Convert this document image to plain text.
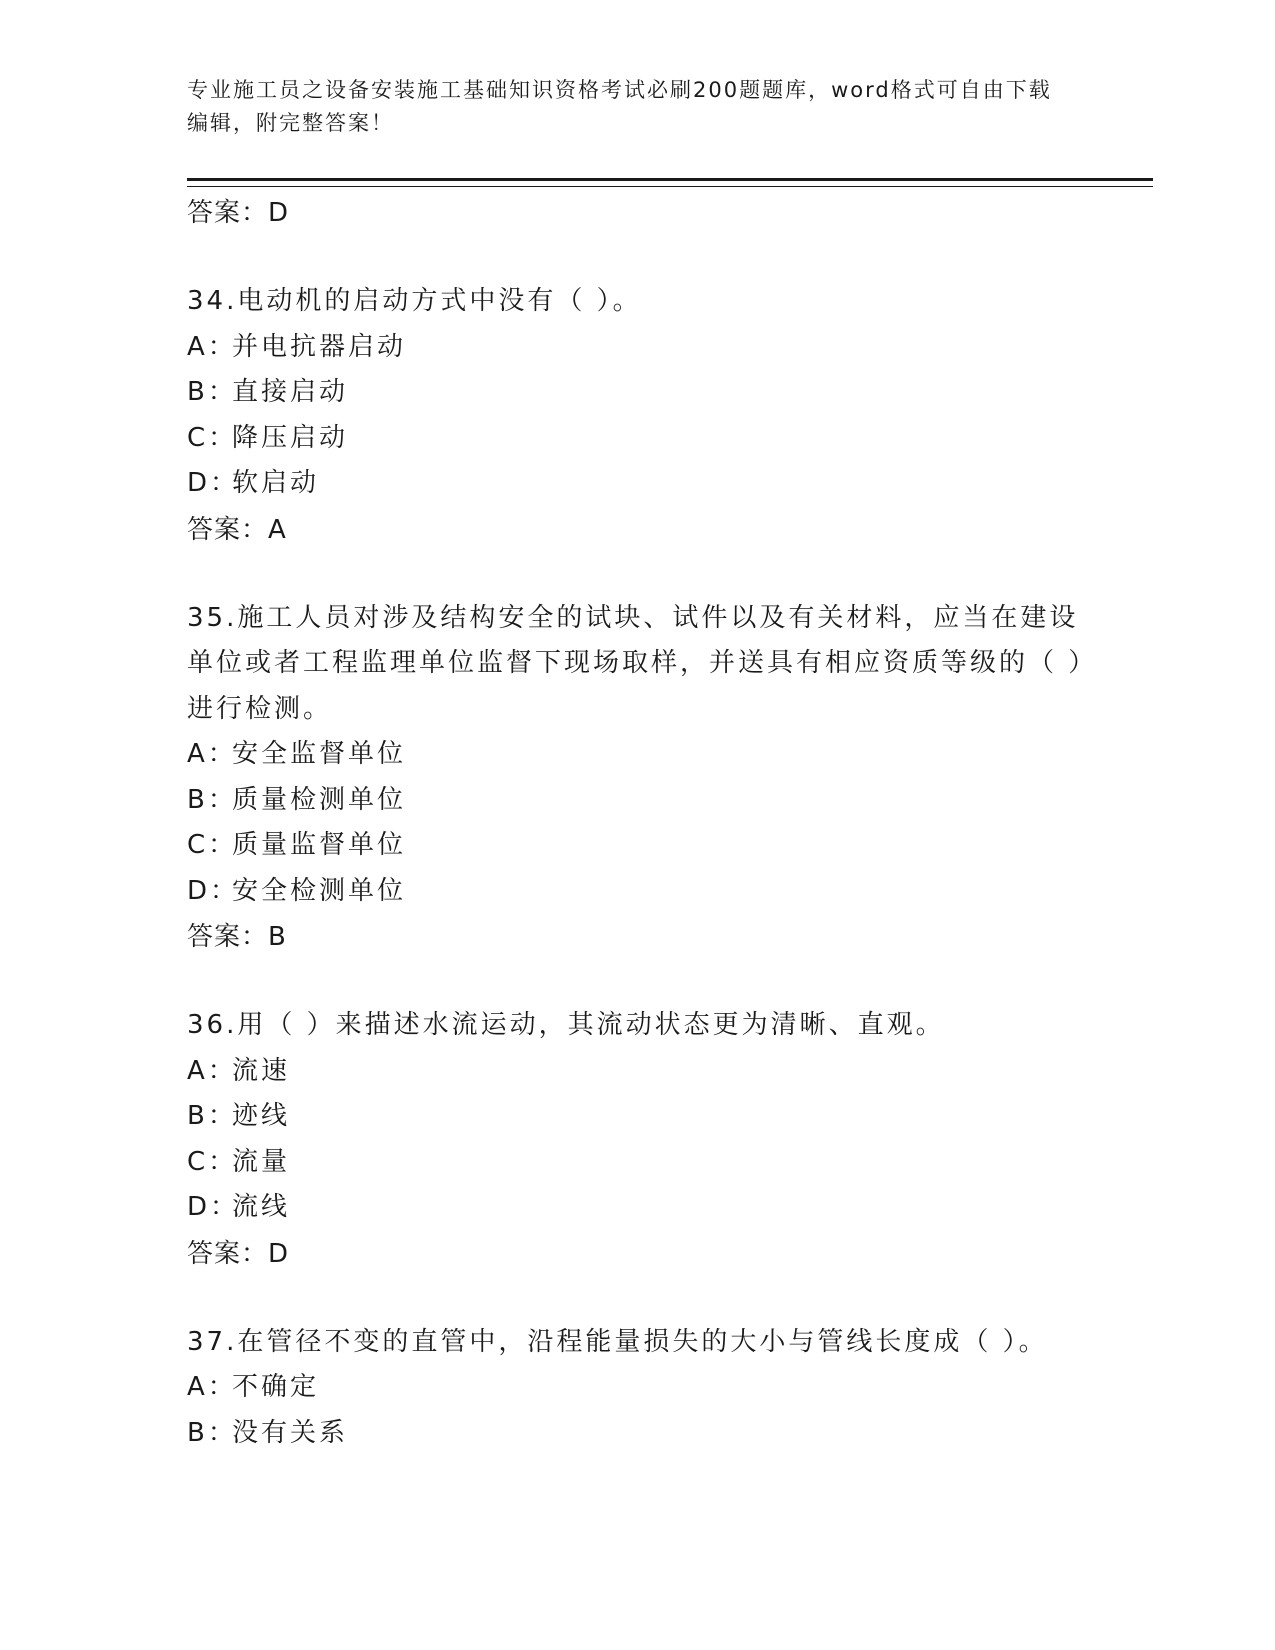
专业施工员之设备安装施工基础知识资格考试必刷200题题库，word格式可自由下载编辑，附完整答案！
答案：D
34.电动机的启动方式中没有（ ）。
A：并电抗器启动
B：直接启动
C：降压启动
D：软启动
答案：A
35.施工人员对涉及结构安全的试块、试件以及有关材料，应当在建设单位或者工程监理单位监督下现场取样，并送具有相应资质等级的（ ）进行检测。
A：安全监督单位
B：质量检测单位
C：质量监督单位
D：安全检测单位
答案：B
36.用（ ）来描述水流运动，其流动状态更为清晰、直观。
A：流速
B：迹线
C：流量
D：流线
答案：D
37.在管径不变的直管中，沿程能量损失的大小与管线长度成（ ）。
A：不确定
B：没有关系
